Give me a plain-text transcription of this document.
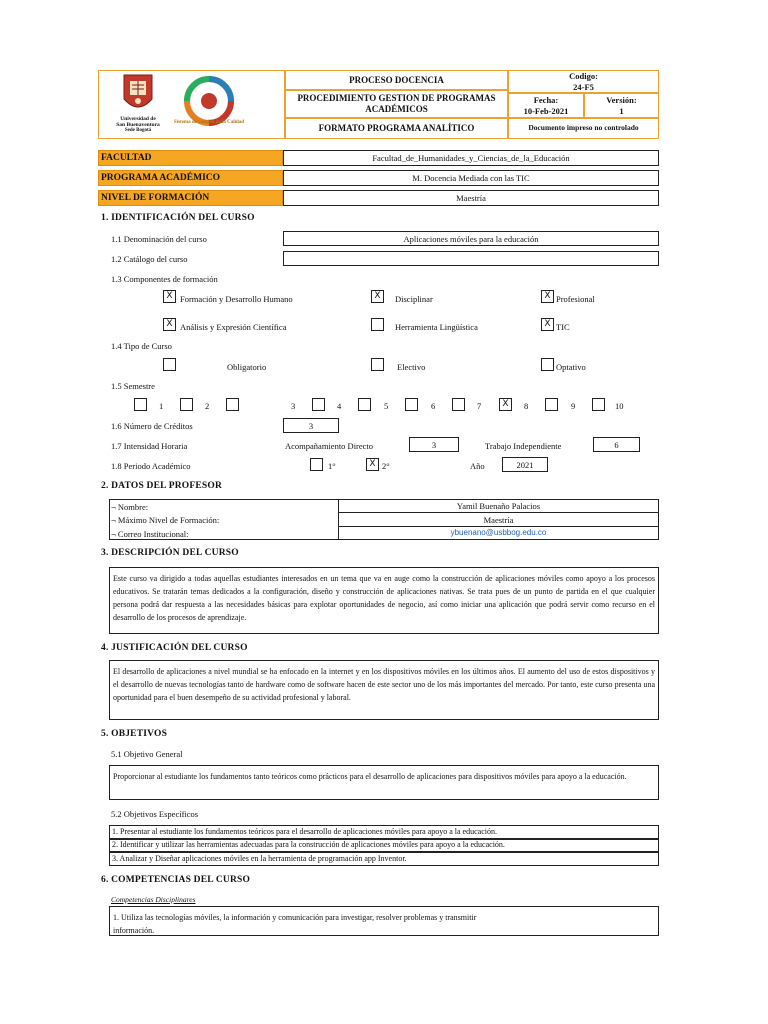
Universidad de
San Buenaventura
Sede Bogotá
Sistema de Gestión de la Calidad
PROCESO DOCENCIA
PROCEDIMIENTO GESTION DE PROGRAMAS ACADÉMICOS
FORMATO PROGRAMA ANALÍTICO
Codigo:
24-F5
Fecha:
10-Feb-2021
Versión:
1
Documento impreso no controlado
FACULTAD	Facultad_de_Humanidades_y_Ciencias_de_la_Educación
PROGRAMA ACADÉMICO	M. Docencia Mediada con las TIC
NIVEL DE FORMACIÓN	Maestría
1. IDENTIFICACIÓN DEL CURSO
1.1 Denominación del curso	Aplicaciones móviles para la educación
1.2 Catálogo del curso
1.3 Componentes de formación
X Formación y Desarrollo Humano	X	Disciplinar	X Profesional
X Análisis y Expresión Científica	Herramienta Lingüística	X TIC
1.4 Tipo de Curso
Obligatorio	Electivo	Optativo
1.5 Semestre
1	2	3	4	5	6	7	X	8	9	10
1.6 Número de Créditos	3
1.7 Intensidad Horaria	Acompañamiento Directo	3	Trabajo Independiente	6
1.8 Periodo Académico	1°	X 2°	Año	2021
2. DATOS DEL PROFESOR
¬ Nombre:	Yamil Buenaño Palacios
¬ Máximo Nivel de Formación:	Maestría
¬ Correo Institucional:	ybuenano@usbbog.edu.co
3. DESCRIPCIÓN DEL CURSO
Este curso va dirigido a todas aquellas estudiantes interesados en un tema que va en auge como la construcción de aplicaciones móviles como apoyo a los procesos educativos. Se tratarán temas dedicados a la configuración, diseño y construcción de aplicaciones nativas. Se trata pues de un punto de partida en el que cualquier persona podrá dar respuesta a las necesidades básicas para explotar oportunidades de negocio, así como iniciar una aplicación que podrá servir como recurso en el desarrollo de los procesos de aprendizaje.
4. JUSTIFICACIÓN DEL CURSO
El desarrollo de aplicaciones a nivel mundial se ha enfocado en la internet y en los dispositivos móviles en los últimos años. El aumento del uso de estos dispositivos y el desarrollo de nuevas tecnologías tanto de hardware como de software hacen de este sector uno de los más importantes del mercado. Por tanto, este curso presenta una oportunidad para el buen desempeño de su actividad profesional y laboral.
5. OBJETIVOS
5.1 Objetivo General
Proporcionar al estudiante los fundamentos tanto teóricos como prácticos para el desarrollo de aplicaciones para dispositivos móviles para apoyo a la educación.
5.2 Objetivos Específicos
1. Presentar al estudiante los fundamentos teóricos para el desarrollo de aplicaciones móviles para apoyo a la educación.
2. Identificar y utilizar las herramientas adecuadas para la construcción de aplicaciones móviles para apoyo a la educación.
3. Analizar y Diseñar aplicaciones móviles en la herramienta de programación app Inventor.
6. COMPETENCIAS DEL CURSO
Competencias Disciplinares
1. Utiliza las tecnologías móviles, la información y comunicación para investigar, resolver problemas y transmitir información.
